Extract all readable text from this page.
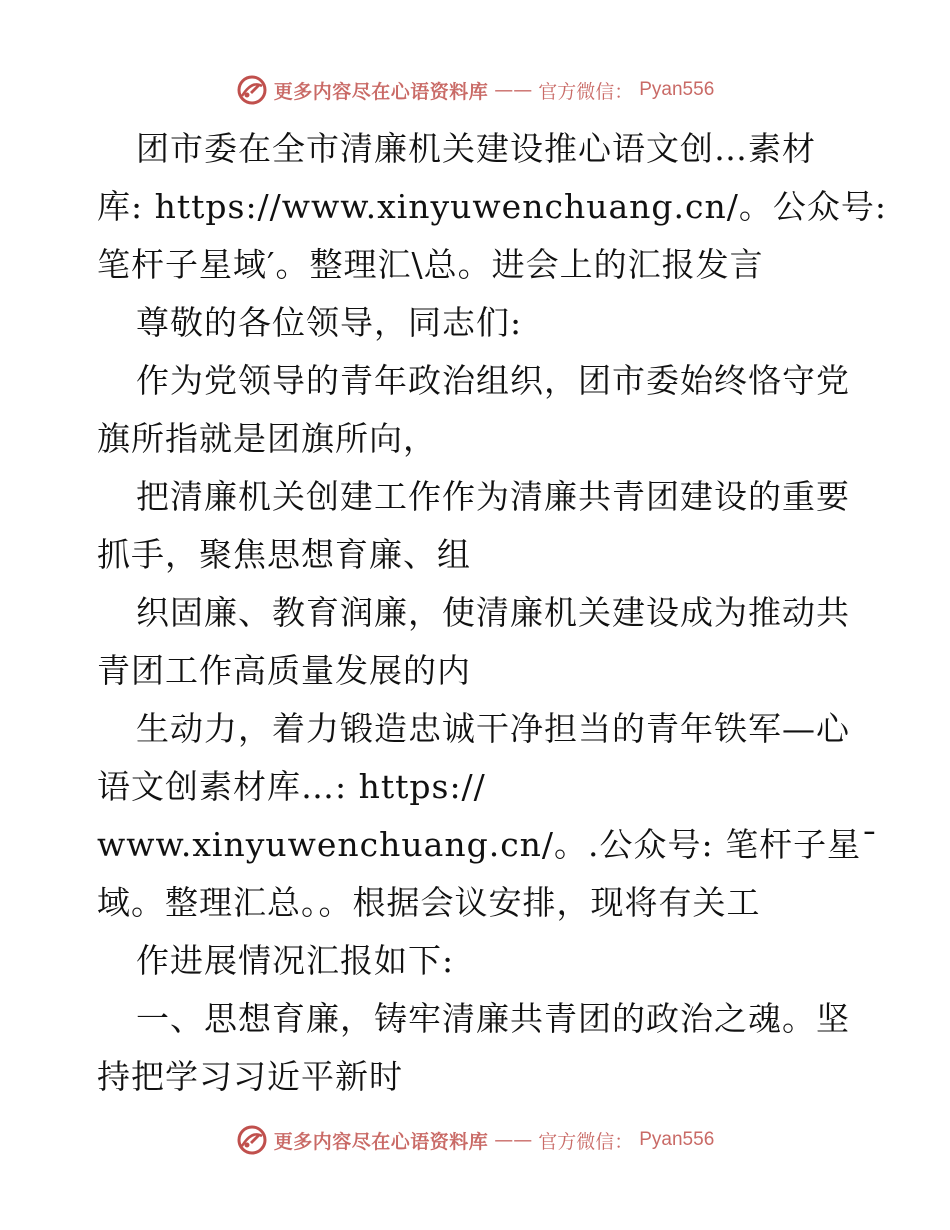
更多内容尽在心语资料库 —— 官方微信： Pyan556
团市委在全市清廉机关建设推心语文创…素材
库: https://www.xinyuwenchuang.cn/。公众号:
笔杆子星域′。整理汇\总。进会上的汇报发言
尊敬的各位领导，同志们:
作为党领导的青年政治组织，团市委始终恪守党
旗所指就是团旗所向，
把清廉机关创建工作作为清廉共青团建设的重要
抓手，聚焦思想育廉、组
织固廉、教育润廉，使清廉机关建设成为推动共
青团工作高质量发展的内
生动力，着力锻造忠诚干净担当的青年铁军—心
语文创素材库…: https://
www.xinyuwenchuang.cn/。.公众号: 笔杆子星¯
域。整理汇总。。根据会议安排，现将有关工
作进展情况汇报如下:
一、思想育廉，铸牢清廉共青团的政治之魂。坚
持把学习习近平新时
更多内容尽在心语资料库 —— 官方微信： Pyan556
